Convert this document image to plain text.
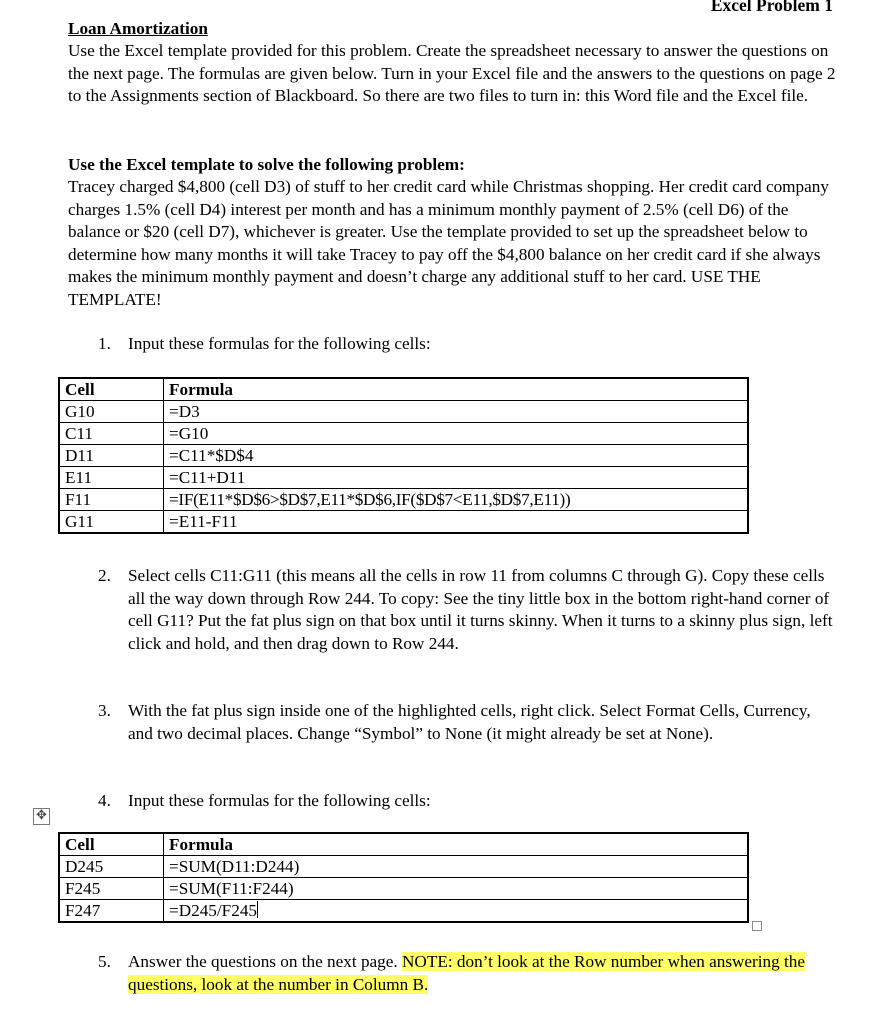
Excel Problem 1
Loan Amortization
Use the Excel template provided for this problem. Create the spreadsheet necessary to answer the questions on the next page. The formulas are given below. Turn in your Excel file and the answers to the questions on page 2 to the Assignments section of Blackboard. So there are two files to turn in: this Word file and the Excel file.
Use the Excel template to solve the following problem:
Tracey charged $4,800 (cell D3) of stuff to her credit card while Christmas shopping. Her credit card company charges 1.5% (cell D4) interest per month and has a minimum monthly payment of 2.5% (cell D6) of the balance or $20 (cell D7), whichever is greater. Use the template provided to set up the spreadsheet below to determine how many months it will take Tracey to pay off the $4,800 balance on her credit card if she always makes the minimum monthly payment and doesn’t charge any additional stuff to her card. USE THE TEMPLATE!
1. Input these formulas for the following cells:
Cell	Formula
G10	=D3
C11	=G10
D11	=C11*$D$4
E11	=C11+D11
F11	=IF(E11*$D$6>$D$7,E11*$D$6,IF($D$7<E11,$D$7,E11))
G11	=E11-F11
2. Select cells C11:G11 (this means all the cells in row 11 from columns C through G). Copy these cells all the way down through Row 244. To copy: See the tiny little box in the bottom right-hand corner of cell G11? Put the fat plus sign on that box until it turns skinny. When it turns to a skinny plus sign, left click and hold, and then drag down to Row 244.
3. With the fat plus sign inside one of the highlighted cells, right click. Select Format Cells, Currency, and two decimal places. Change “Symbol” to None (it might already be set at None).
4. Input these formulas for the following cells:
✥
Cell	Formula
D245	=SUM(D11:D244)
F245	=SUM(F11:F244)
F247	=D245/F245
5. Answer the questions on the next page. NOTE: don’t look at the Row number when answering the questions, look at the number in Column B.
